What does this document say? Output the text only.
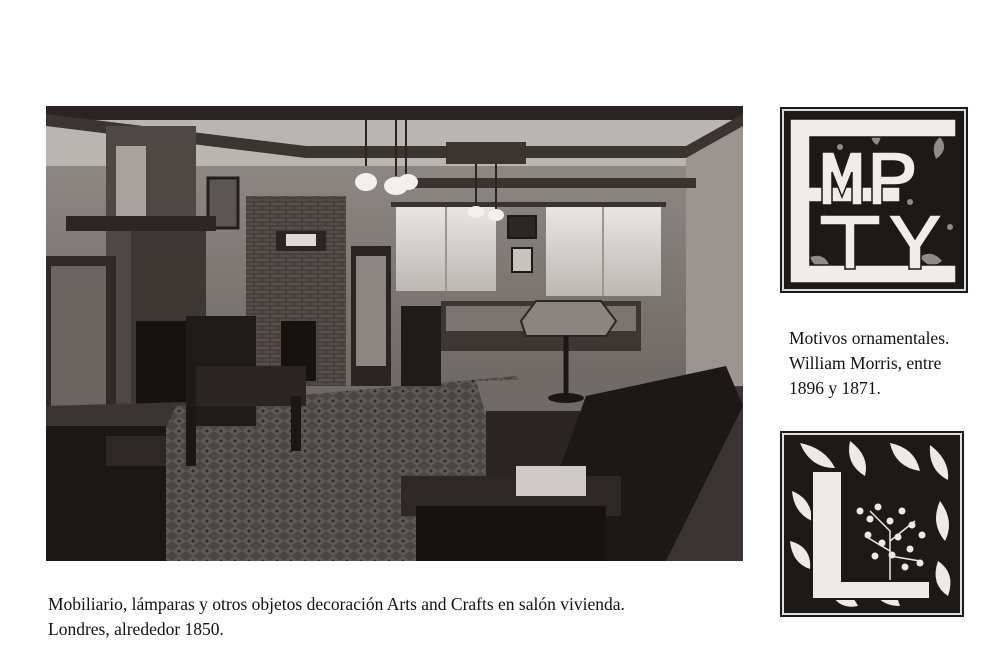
Mobiliario, lámparas y otros objetos decoración Arts and Crafts en salón vivienda.
Londres, alrededor 1850.
Motivos ornamentales.
William Morris, entre
1896 y 1871.
